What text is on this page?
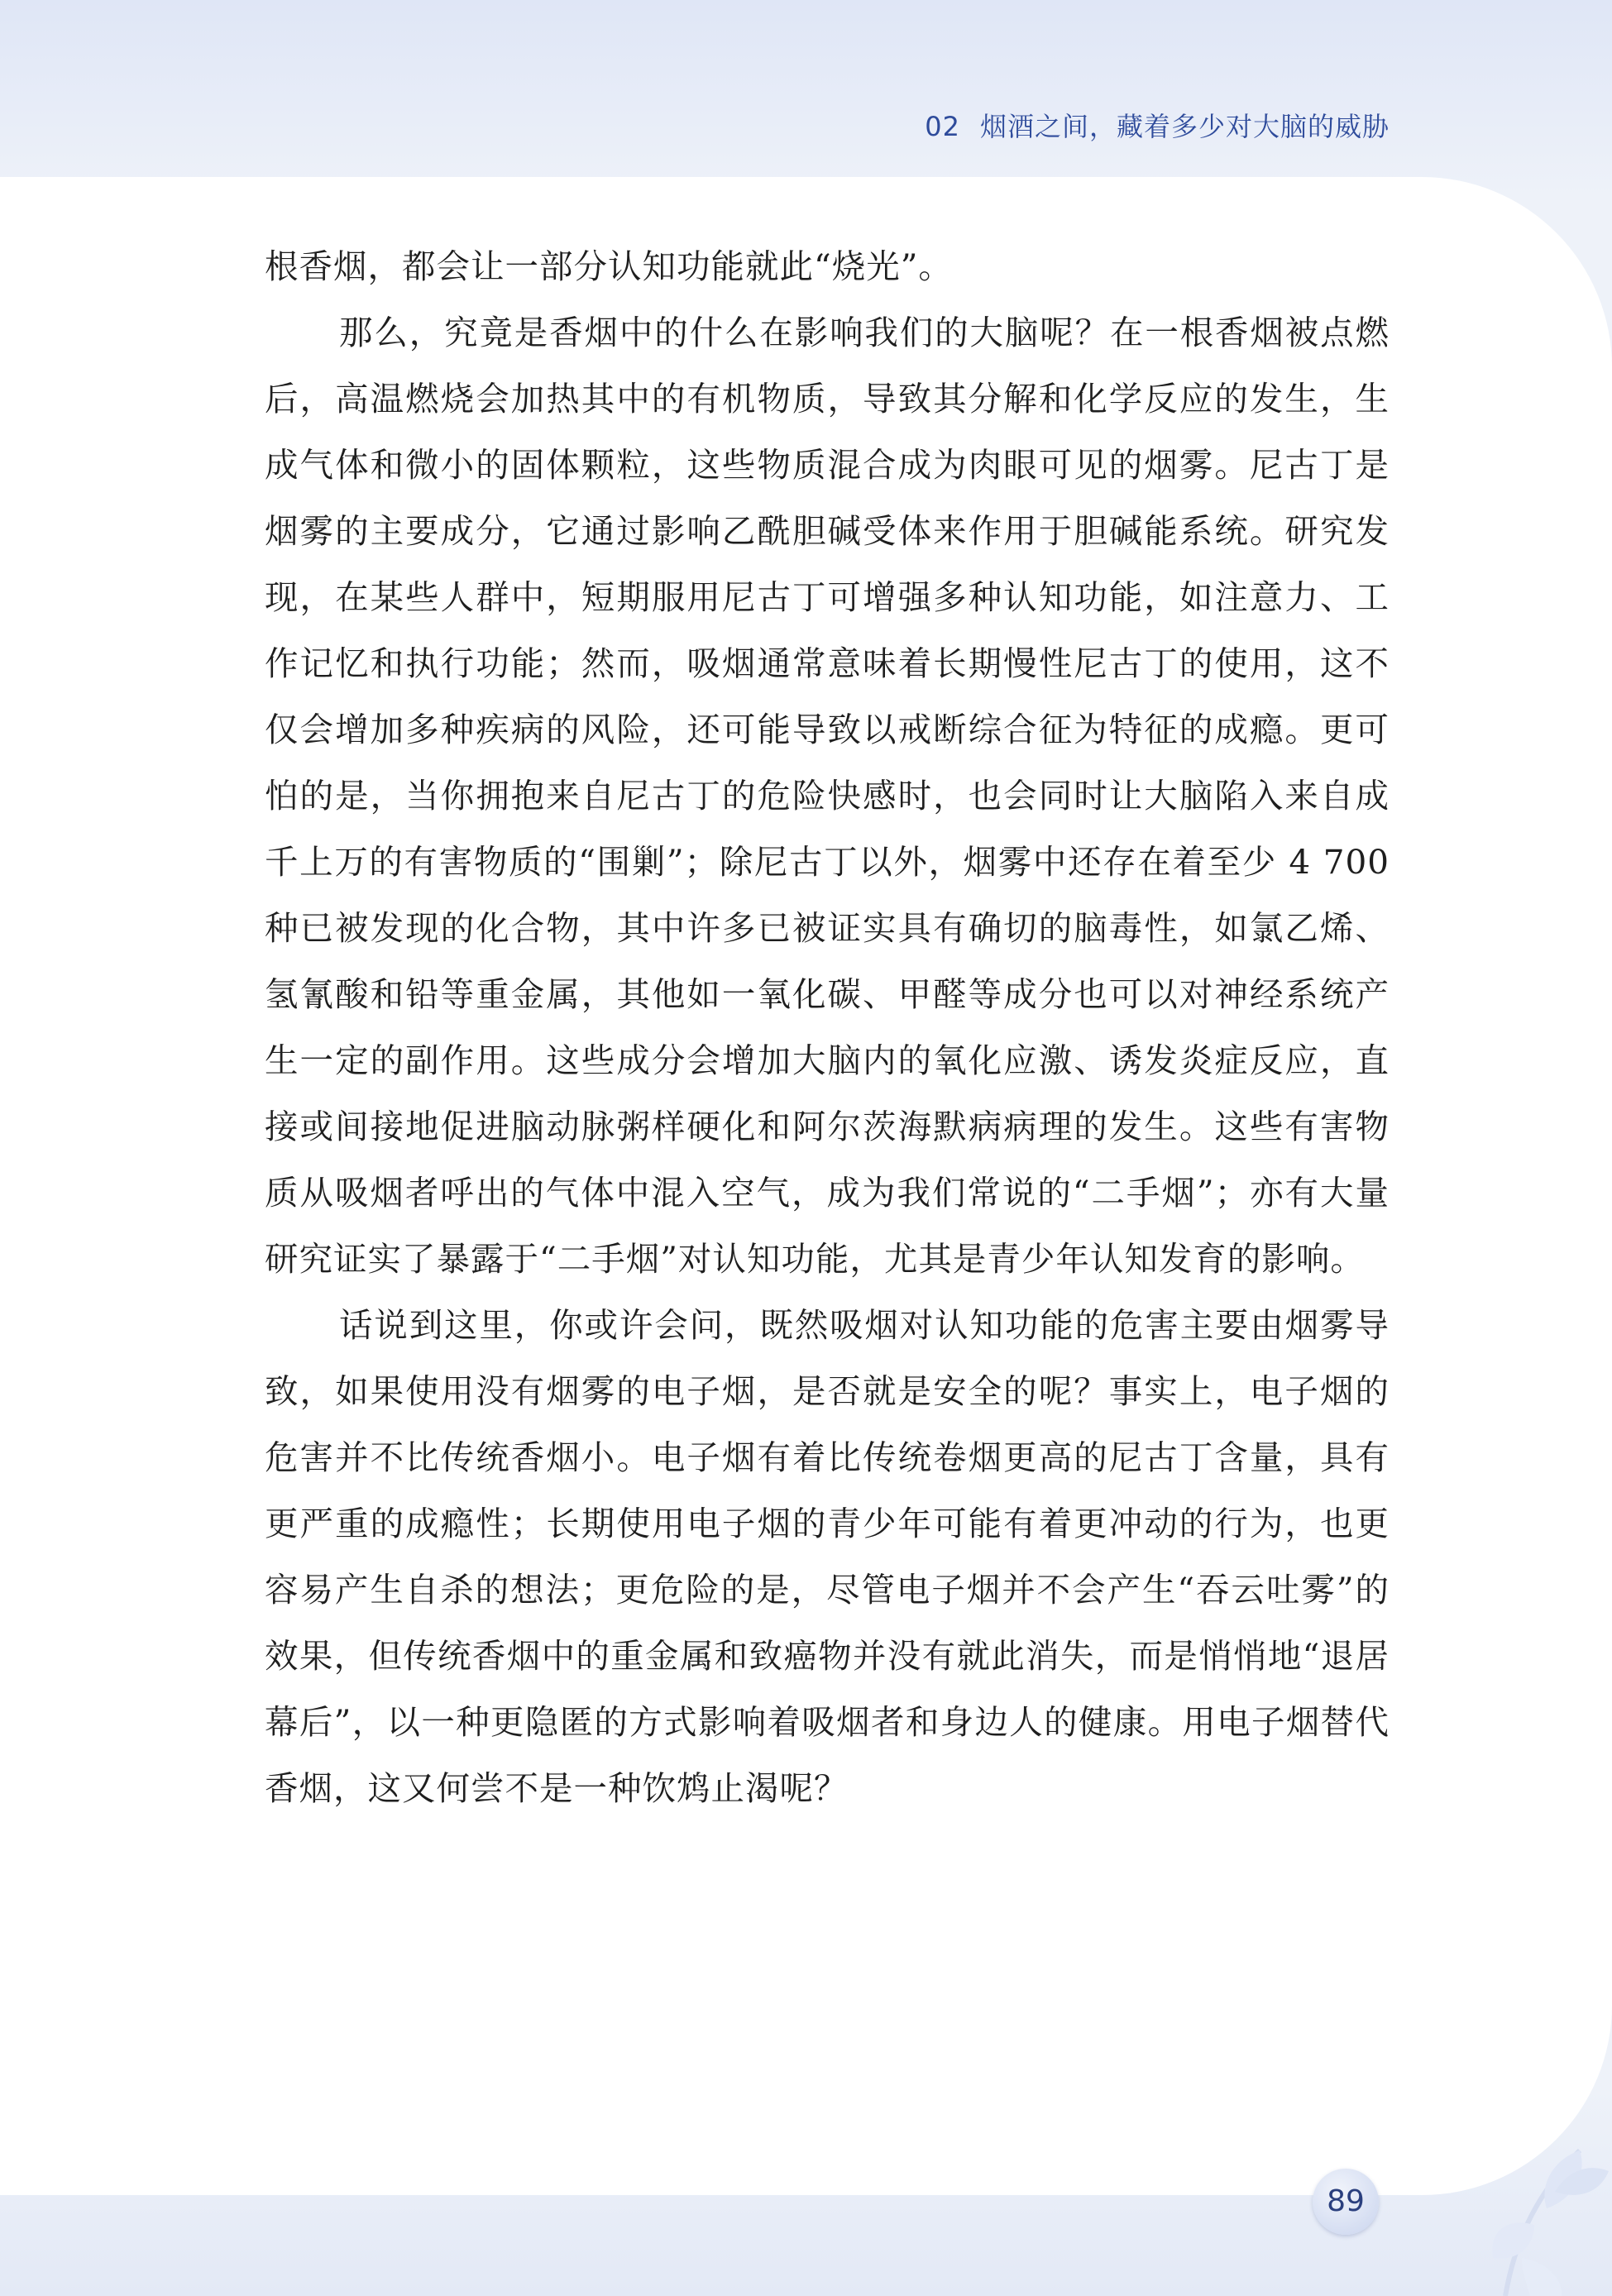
02 烟酒之间，藏着多少对大脑的威胁

根香烟，都会让一部分认知功能就此“烧光”。

那么，究竟是香烟中的什么在影响我们的大脑呢？在一根香烟被点燃后，高温燃烧会加热其中的有机物质，导致其分解和化学反应的发生，生成气体和微小的固体颗粒，这些物质混合成为肉眼可见的烟雾。尼古丁是烟雾的主要成分，它通过影响乙酰胆碱受体来作用于胆碱能系统。研究发现，在某些人群中，短期服用尼古丁可增强多种认知功能，如注意力、工作记忆和执行功能；然而，吸烟通常意味着长期慢性尼古丁的使用，这不仅会增加多种疾病的风险，还可能导致以戒断综合征为特征的成瘾。更可怕的是，当你拥抱来自尼古丁的危险快感时，也会同时让大脑陷入来自成千上万的有害物质的“围剿”；除尼古丁以外，烟雾中还存在着至少 4 700 种已被发现的化合物，其中许多已被证实具有确切的脑毒性，如氯乙烯、氢氰酸和铅等重金属，其他如一氧化碳、甲醛等成分也可以对神经系统产生一定的副作用。这些成分会增加大脑内的氧化应激、诱发炎症反应，直接或间接地促进脑动脉粥样硬化和阿尔茨海默病病理的发生。这些有害物质从吸烟者呼出的气体中混入空气，成为我们常说的“二手烟”；亦有大量研究证实了暴露于“二手烟”对认知功能，尤其是青少年认知发育的影响。

话说到这里，你或许会问，既然吸烟对认知功能的危害主要由烟雾导致，如果使用没有烟雾的电子烟，是否就是安全的呢？事实上，电子烟的危害并不比传统香烟小。电子烟有着比传统卷烟更高的尼古丁含量，具有更严重的成瘾性；长期使用电子烟的青少年可能有着更冲动的行为，也更容易产生自杀的想法；更危险的是，尽管电子烟并不会产生“吞云吐雾”的效果，但传统香烟中的重金属和致癌物并没有就此消失，而是悄悄地“退居幕后”，以一种更隐匿的方式影响着吸烟者和身边人的健康。用电子烟替代香烟，这又何尝不是一种饮鸩止渴呢？

89
